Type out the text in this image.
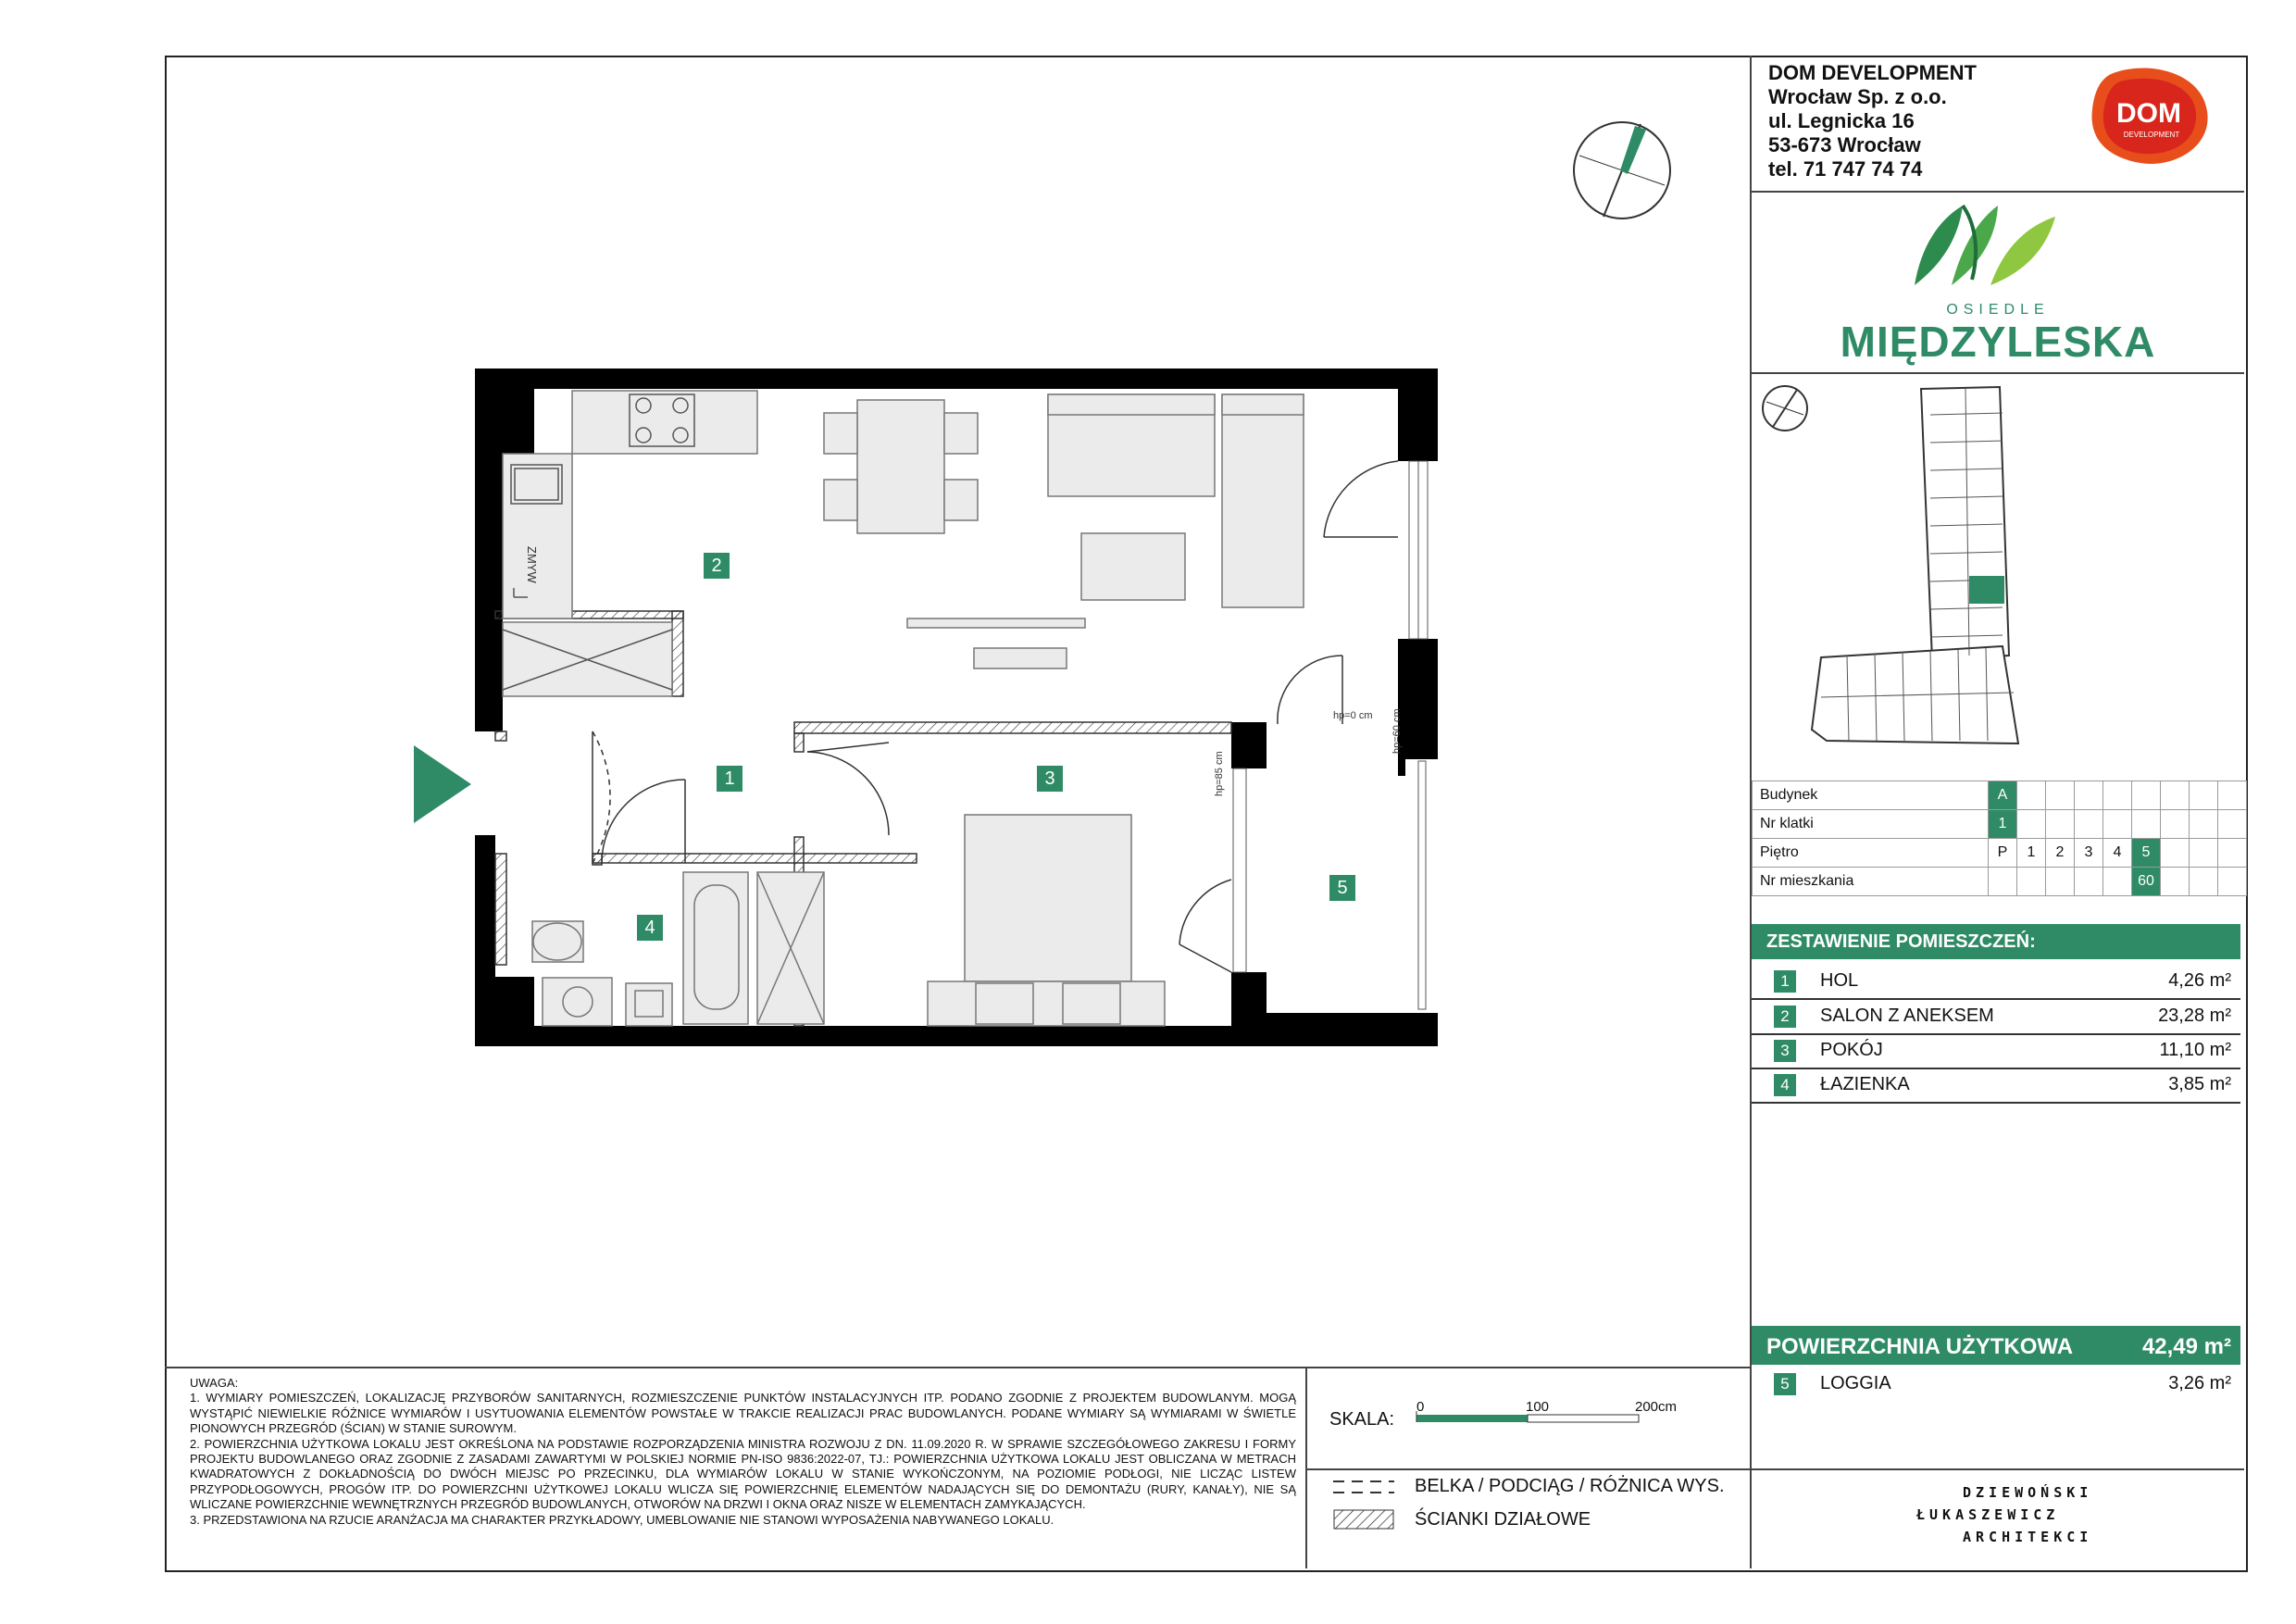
DOM DEVELOPMENT
Wrocław Sp. z o.o.
ul. Legnicka 16
53-673 Wrocław
tel. 71 747 74 74
DOM
DEVELOPMENT
OSIEDLE
MIĘDZYLESKA
Budynek	A								
Nr klatki	1								
Piętro	P	1	2	3	4	5			
Nr mieszkania						60			
ZESTAWIENIE POMIESZCZEŃ:
1	HOL	4,26 m²
2	SALON Z ANEKSEM	23,28 m²
3	POKÓJ	11,10 m²
4	ŁAZIENKA	3,85 m²
POWIERZCHNIA UŻYTKOWA	42,49 m²
5	LOGGIA	3,26 m²
DZIEWOŃSKI
ŁUKASZEWICZ
ARCHITEKCI
UWAGA:
1. WYMIARY POMIESZCZEŃ, LOKALIZACJĘ PRZYBORÓW SANITARNYCH, ROZMIESZCZENIE PUNKTÓW INSTALACYJNYCH ITP. PODANO ZGODNIE Z PROJEKTEM BUDOWLANYM. MOGĄ WYSTĄPIĆ NIEWIELKIE RÓŻNICE WYMIARÓW I USYTUOWANIA ELEMENTÓW POWSTAŁE W TRAKCIE REALIZACJI PRAC BUDOWLANYCH. PODANE WYMIARY SĄ WYMIARAMI W ŚWIETLE PIONOWYCH PRZEGRÓD (ŚCIAN) W STANIE SUROWYM.
2. POWIERZCHNIA UŻYTKOWA LOKALU JEST OKREŚLONA NA PODSTAWIE ROZPORZĄDZENIA MINISTRA ROZWOJU Z DN. 11.09.2020 R. W SPRAWIE SZCZEGÓŁOWEGO ZAKRESU I FORMY PROJEKTU BUDOWLANEGO ORAZ ZGODNIE Z ZASADAMI ZAWARTYMI W POLSKIEJ NORMIE PN-ISO 9836:2022-07, TJ.: POWIERZCHNIA UŻYTKOWA LOKALU JEST OBLICZANA W METRACH KWADRATOWYCH Z DOKŁADNOŚCIĄ DO DWÓCH MIEJSC PO PRZECINKU, DLA WYMIARÓW LOKALU W STANIE WYKOŃCZONYM, NA POZIOMIE PODŁOGI, NIE LICZĄC LISTEW PRZYPODŁOGOWYCH, PROGÓW ITP. DO POWIERZCHNI UŻYTKOWEJ LOKALU WLICZA SIĘ POWIERZCHNIĘ ELEMENTÓW NADAJĄCYCH SIĘ DO DEMONTAŻU (RURY, KANAŁY), NIE SĄ WLICZANE POWIERZCHNIE WEWNĘTRZNYCH PRZEGRÓD BUDOWLANYCH, OTWORÓW NA DRZWI I OKNA ORAZ NISZE W ELEMENTACH ZAMYKAJĄCYCH.
3. PRZEDSTAWIONA NA RZUCIE ARANŻACJA MA CHARAKTER PRZYKŁADOWY, UMEBLOWANIE NIE STANOWI WYPOSAŻENIA NABYWANEGO LOKALU.
SKALA:
0	100	200cm
BELKA / PODCIĄG / RÓŻNICA WYS.
ŚCIANKI DZIAŁOWE
ZMYW
hp=60 cm
hp=0 cm
hp=85 cm
1
2
3
4
5
